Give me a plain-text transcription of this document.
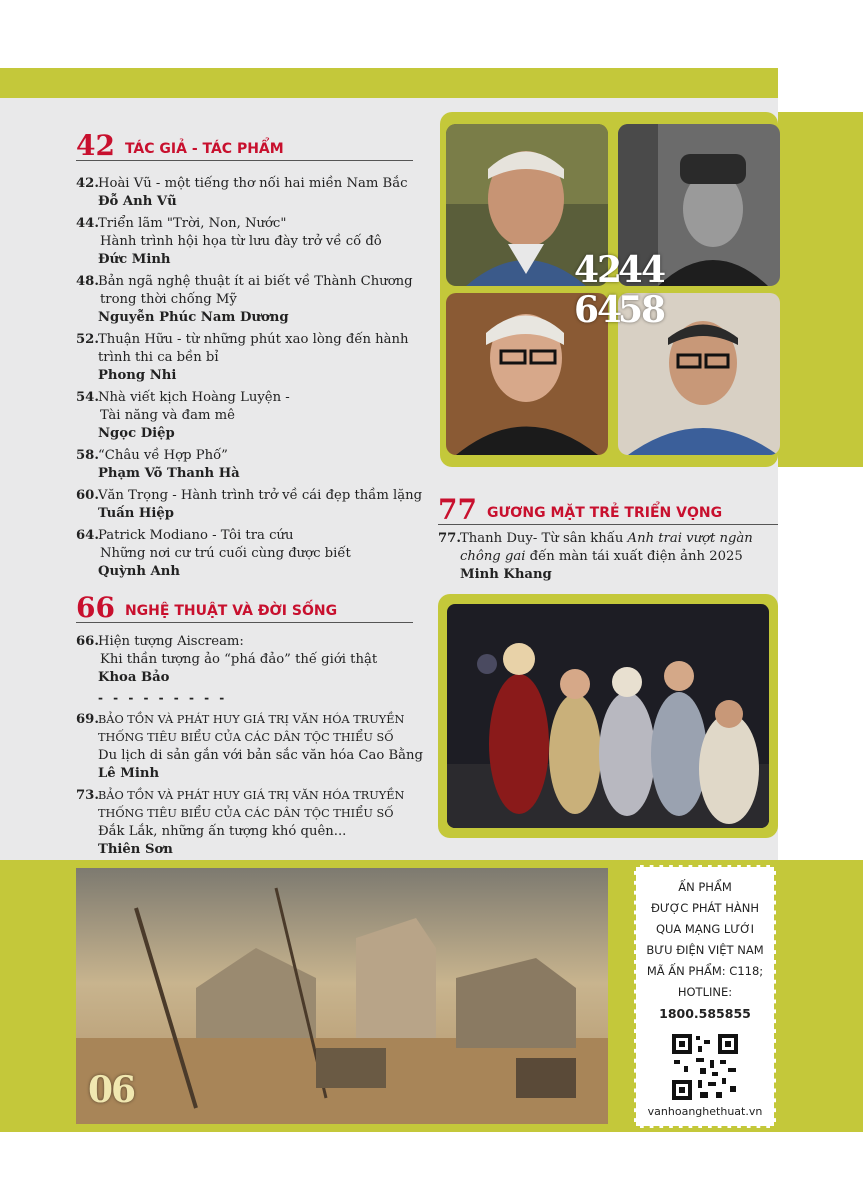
42 TÁC GIẢ - TÁC PHẨM
42. Hoài Vũ - một tiếng thơ nối hai miền Nam Bắc
Đỗ Anh Vũ
44. Triển lãm "Trời, Non, Nước"
Hành trình hội họa từ lưu đày trở về cố đô
Đức Minh
48. Bản ngã nghệ thuật ít ai biết về Thành Chương
trong thời chống Mỹ
Nguyễn Phúc Nam Dương
52. Thuận Hữu - từ những phút xao lòng đến hành
trình thi ca bền bỉ
Phong Nhi
54. Nhà viết kịch Hoàng Luyện -
Tài năng và đam mê
Ngọc Diệp
58. “Châu về Hợp Phố”
Phạm Võ Thanh Hà
60. Văn Trọng - Hành trình trở về cái đẹp thầm lặng
Tuấn Hiệp
64. Patrick Modiano - Tôi tra cứu
Những nơi cư trú cuối cùng được biết
Quỳnh Anh
66 NGHỆ THUẬT VÀ ĐỜI SỐNG
66. Hiện tượng Aiscream:
Khi thần tượng ảo “phá đảo” thế giới thật
Khoa Bảo
- - - - - - - - -
69. BẢO TỒN VÀ PHÁT HUY GIÁ TRỊ VĂN HÓA TRUYỀN
THỐNG TIÊU BIỂU CỦA CÁC DÂN TỘC THIỂU SỐ
Du lịch di sản gắn với bản sắc văn hóa Cao Bằng
Lê Minh
73. BẢO TỒN VÀ PHÁT HUY GIÁ TRỊ VĂN HÓA TRUYỀN
THỐNG TIÊU BIỂU CỦA CÁC DÂN TỘC THIỂU SỐ
Đắk Lắk, những ấn tượng khó quên...
Thiên Sơn
42
44
64
58
77 GƯƠNG MẶT TRẺ TRIỂN VỌNG
77. Thanh Duy- Từ sân khấu Anh trai vượt ngàn
chông gai đến màn tái xuất điện ảnh 2025
Minh Khang
06
ẤN PHẨM
ĐƯỢC PHÁT HÀNH
QUA MẠNG LƯỚI
BƯU ĐIỆN VIỆT NAM
MÃ ẤN PHẨM: C118;
HOTLINE:
1800.585855
vanhoanghethuat.vn
